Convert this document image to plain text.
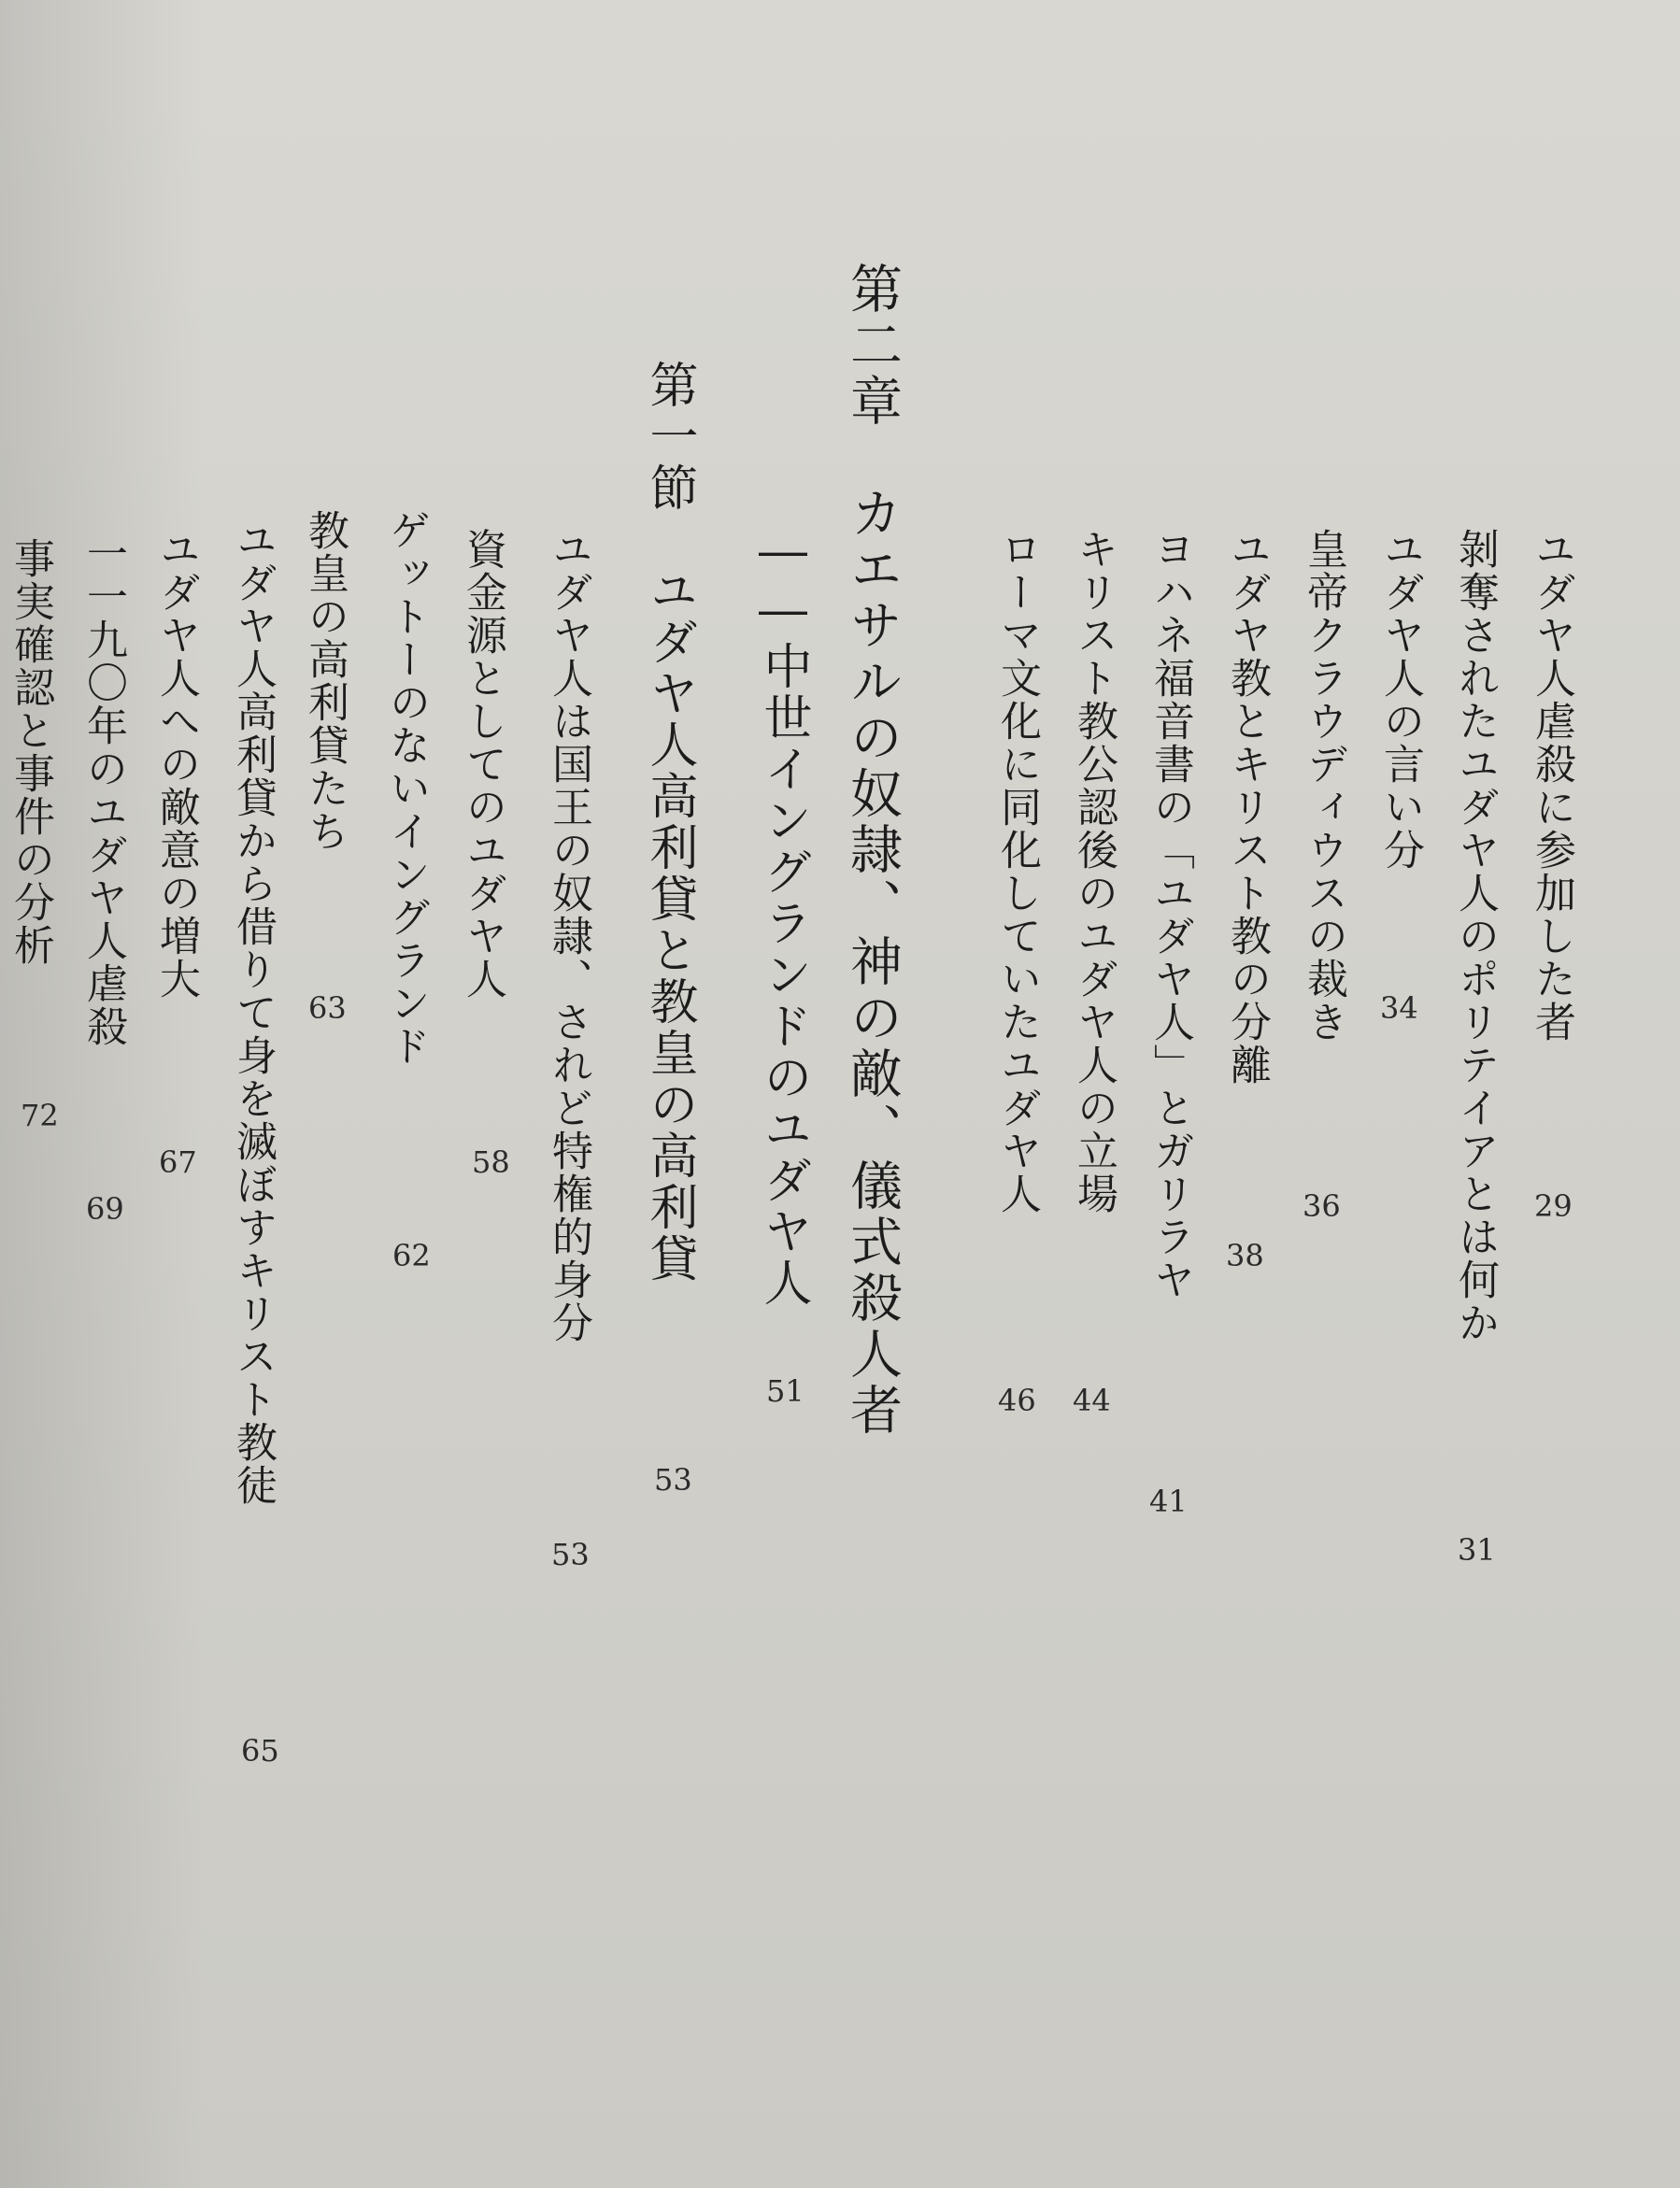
ユダヤ人虐殺に参加した者
29
剝奪されたユダヤ人のポリテイアとは何か
31
ユダヤ人の言い分
34
皇帝クラウディウスの裁き
36
ユダヤ教とキリスト教の分離
38
ヨハネ福音書の「ユダヤ人」とガリラヤ
41
キリスト教公認後のユダヤ人の立場
44
ローマ文化に同化していたユダヤ人
46
第二章　カエサルの奴隷、神の敵、儀式殺人者
――中世イングランドのユダヤ人
51
第一節　ユダヤ人高利貸と教皇の高利貸
53
ユダヤ人は国王の奴隷、されど特権的身分
53
資金源としてのユダヤ人
58
ゲットーのないイングランド
62
教皇の高利貸たち
63
ユダヤ人高利貸から借りて身を滅ぼすキリスト教徒
65
ユダヤ人への敵意の増大
67
一一九〇年のユダヤ人虐殺
69
事実確認と事件の分析
72
